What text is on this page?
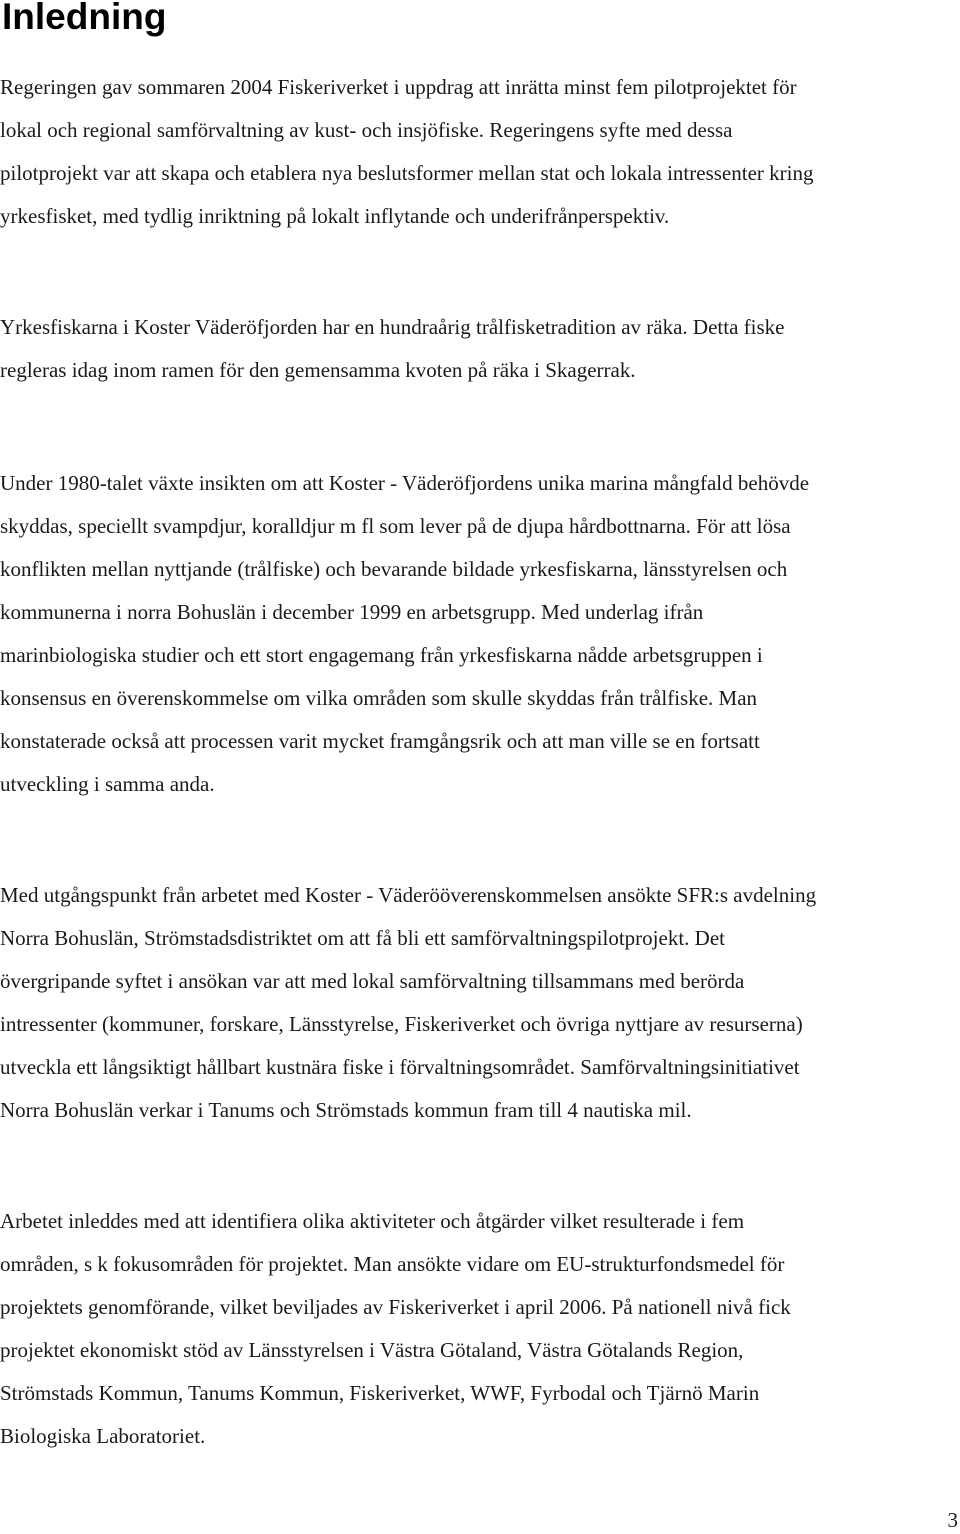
Inledning
Regeringen gav sommaren 2004 Fiskeriverket i uppdrag att inrätta minst fem pilotprojektet för
lokal och regional samförvaltning av kust- och insjöfiske. Regeringens syfte med dessa
pilotprojekt var att skapa och etablera nya beslutsformer mellan stat och lokala intressenter kring
yrkesfisket, med tydlig inriktning på lokalt inflytande och underifrånperspektiv.
Yrkesfiskarna i Koster Väderöfjorden har en hundraårig trålfisketradition av räka. Detta fiske
regleras idag inom ramen för den gemensamma kvoten på räka i Skagerrak.
Under 1980-talet växte insikten om att Koster - Väderöfjordens unika marina mångfald behövde
skyddas, speciellt svampdjur, koralldjur m fl som lever på de djupa hårdbottnarna. För att lösa
konflikten mellan nyttjande (trålfiske) och bevarande bildade yrkesfiskarna, länsstyrelsen och
kommunerna i norra Bohuslän i december 1999 en arbetsgrupp. Med underlag ifrån
marinbiologiska studier och ett stort engagemang från yrkesfiskarna nådde arbetsgruppen i
konsensus en överenskommelse om vilka områden som skulle skyddas från trålfiske. Man
konstaterade också att processen varit mycket framgångsrik och att man ville se en fortsatt
utveckling i samma anda.
Med utgångspunkt från arbetet med Koster - Väderööverenskommelsen ansökte SFR:s avdelning
Norra Bohuslän, Strömstadsdistriktet om att få bli ett samförvaltningspilotprojekt. Det
övergripande syftet i ansökan var att med lokal samförvaltning tillsammans med berörda
intressenter (kommuner, forskare, Länsstyrelse, Fiskeriverket och övriga nyttjare av resurserna)
utveckla ett långsiktigt hållbart kustnära fiske i förvaltningsområdet. Samförvaltningsinitiativet
Norra Bohuslän verkar i Tanums och Strömstads kommun fram till 4 nautiska mil.
Arbetet inleddes med att identifiera olika aktiviteter och åtgärder vilket resulterade i fem
områden, s k fokusområden för projektet. Man ansökte vidare om EU-strukturfondsmedel för
projektets genomförande, vilket beviljades av Fiskeriverket i april 2006. På nationell nivå fick
projektet ekonomiskt stöd av Länsstyrelsen i Västra Götaland, Västra Götalands Region,
Strömstads Kommun, Tanums Kommun, Fiskeriverket, WWF, Fyrbodal och Tjärnö Marin
Biologiska Laboratoriet.

3
